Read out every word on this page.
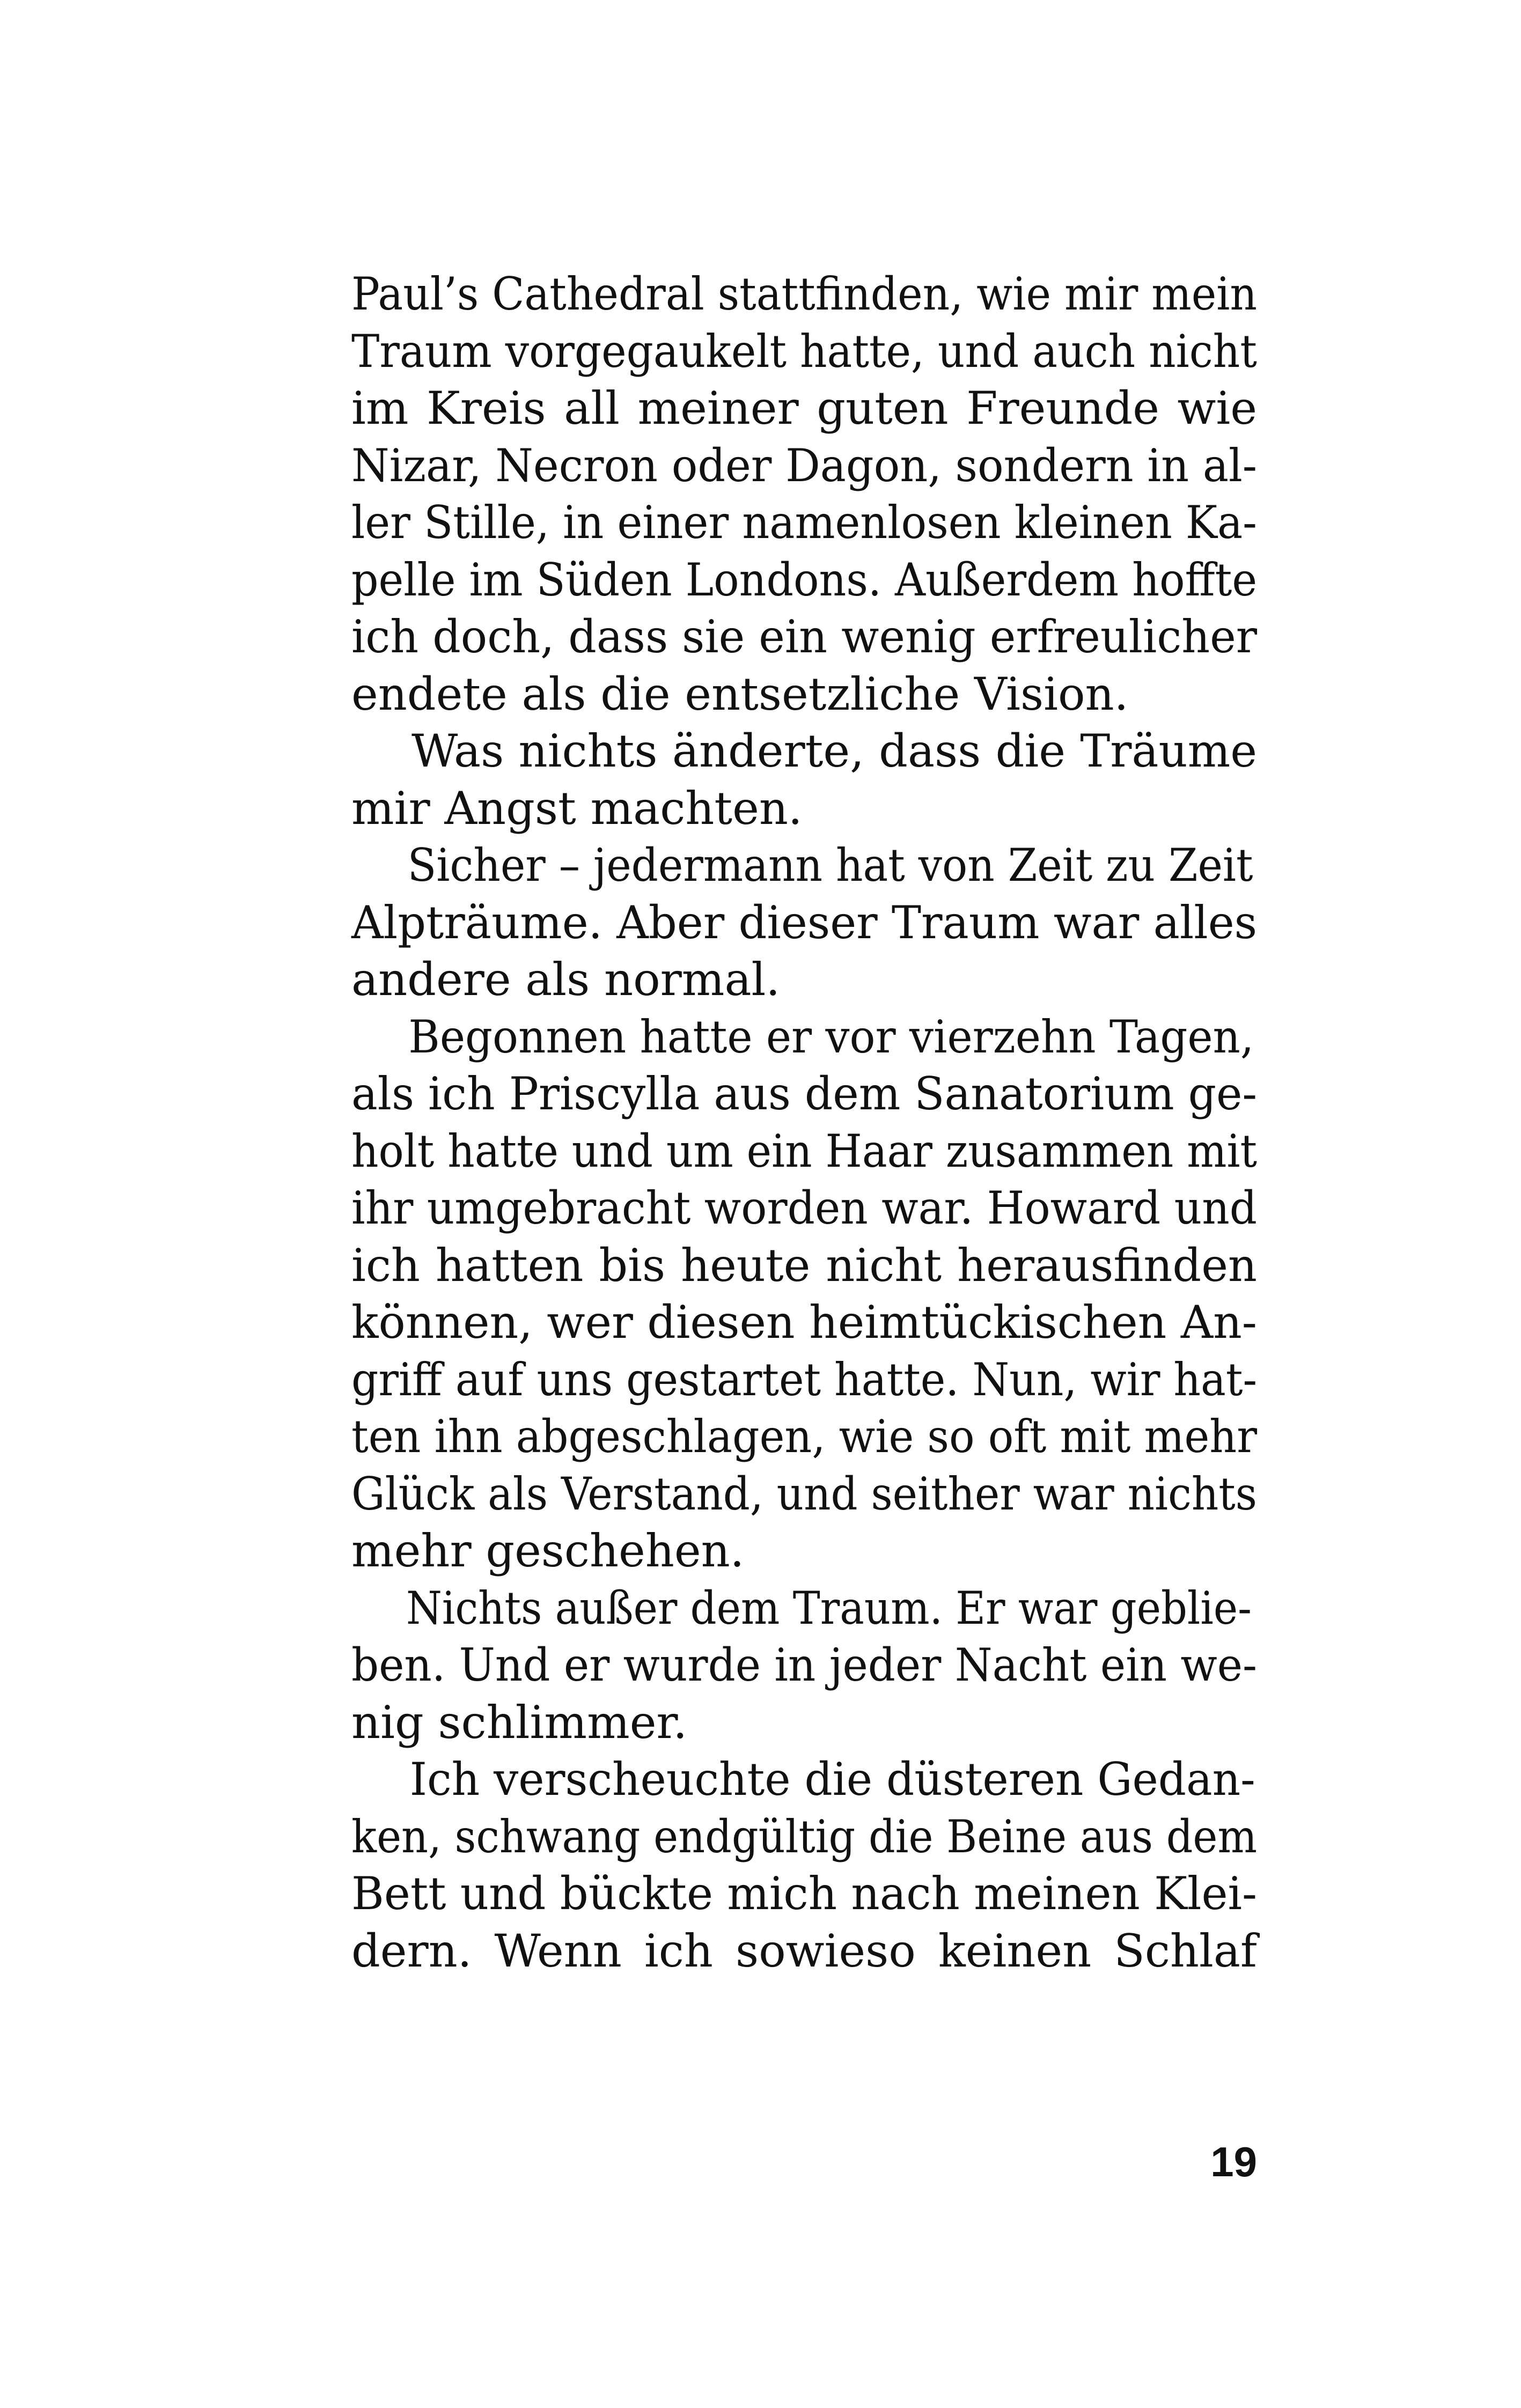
Paul’s Cathedral stattfinden, wie mir mein
Traum vorgegaukelt hatte, und auch nicht
im Kreis all meiner guten Freunde wie
Nizar, Necron oder Dagon, sondern in al-
ler Stille, in einer namenlosen kleinen Ka-
pelle im Süden Londons. Außerdem hoffte
ich doch, dass sie ein wenig erfreulicher
endete als die entsetzliche Vision.
Was nichts änderte, dass die Träume
mir Angst machten.
Sicher – jedermann hat von Zeit zu Zeit
Alpträume. Aber dieser Traum war alles
andere als normal.
Begonnen hatte er vor vierzehn Tagen,
als ich Priscylla aus dem Sanatorium ge-
holt hatte und um ein Haar zusammen mit
ihr umgebracht worden war. Howard und
ich hatten bis heute nicht herausfinden
können, wer diesen heimtückischen An-
griff auf uns gestartet hatte. Nun, wir hat-
ten ihn abgeschlagen, wie so oft mit mehr
Glück als Verstand, und seither war nichts
mehr geschehen.
Nichts außer dem Traum. Er war geblie-
ben. Und er wurde in jeder Nacht ein we-
nig schlimmer.
Ich verscheuchte die düsteren Gedan-
ken, schwang endgültig die Beine aus dem
Bett und bückte mich nach meinen Klei-
dern. Wenn ich sowieso keinen Schlaf
19
